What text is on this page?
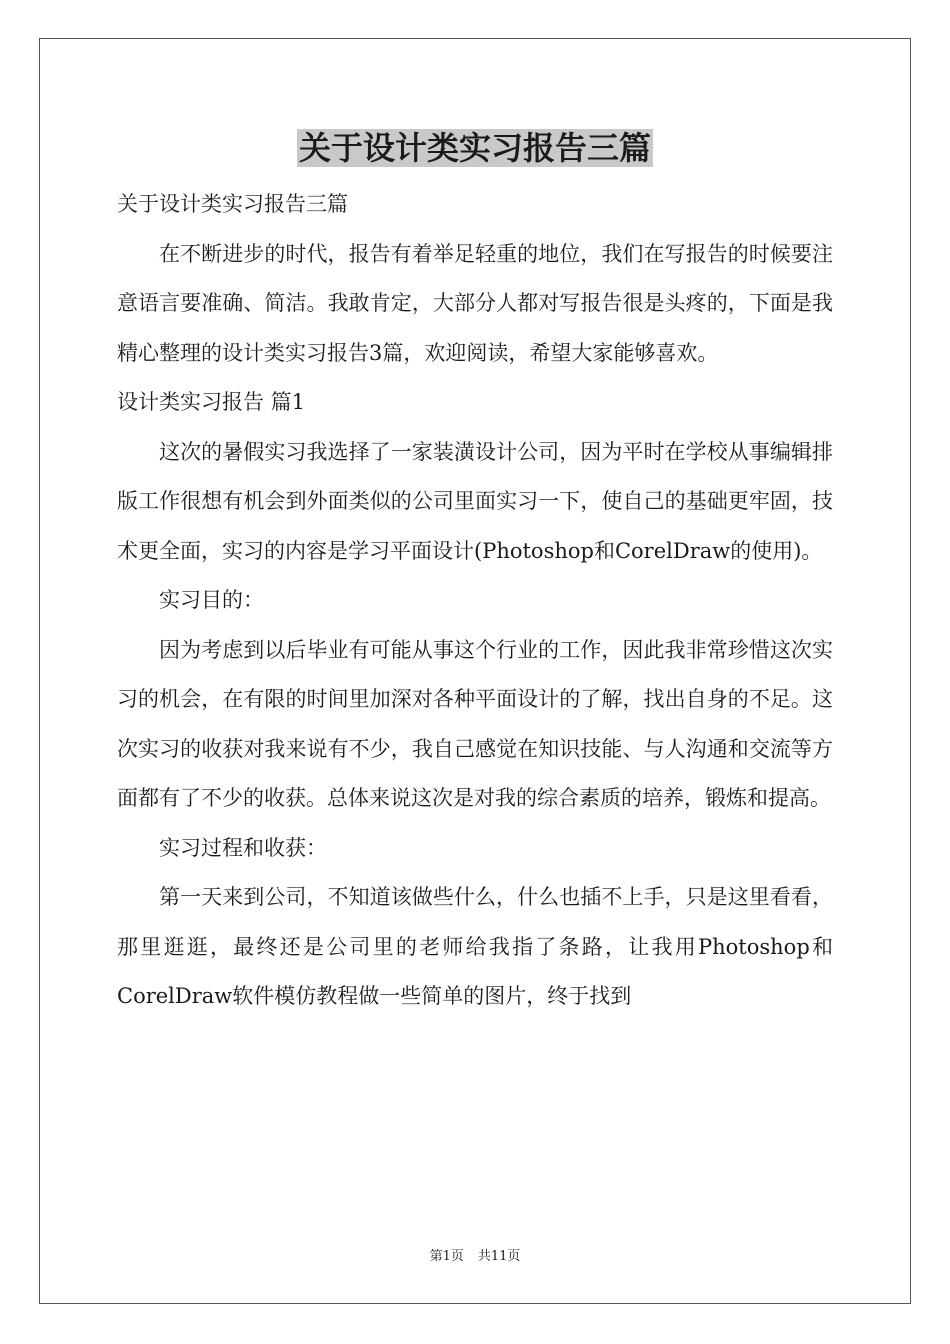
关于设计类实习报告三篇

关于设计类实习报告三篇

在不断进步的时代，报告有着举足轻重的地位，我们在写报告的时候要注意语言要准确、简洁。我敢肯定，大部分人都对写报告很是头疼的，下面是我精心整理的设计类实习报告3篇，欢迎阅读，希望大家能够喜欢。

设计类实习报告 篇1

这次的暑假实习我选择了一家装潢设计公司，因为平时在学校从事编辑排版工作很想有机会到外面类似的公司里面实习一下，使自己的基础更牢固，技术更全面，实习的内容是学习平面设计(Photoshop和CorelDraw的使用)。

实习目的：

因为考虑到以后毕业有可能从事这个行业的工作，因此我非常珍惜这次实习的机会，在有限的时间里加深对各种平面设计的了解，找出自身的不足。这次实习的收获对我来说有不少，我自己感觉在知识技能、与人沟通和交流等方面都有了不少的收获。总体来说这次是对我的综合素质的培养，锻炼和提高。

实习过程和收获：

第一天来到公司，不知道该做些什么，什么也插不上手，只是这里看看，那里逛逛，最终还是公司里的老师给我指了条路，让我用Photoshop和CorelDraw软件模仿教程做一些简单的图片，终于找到

第1页 共11页
